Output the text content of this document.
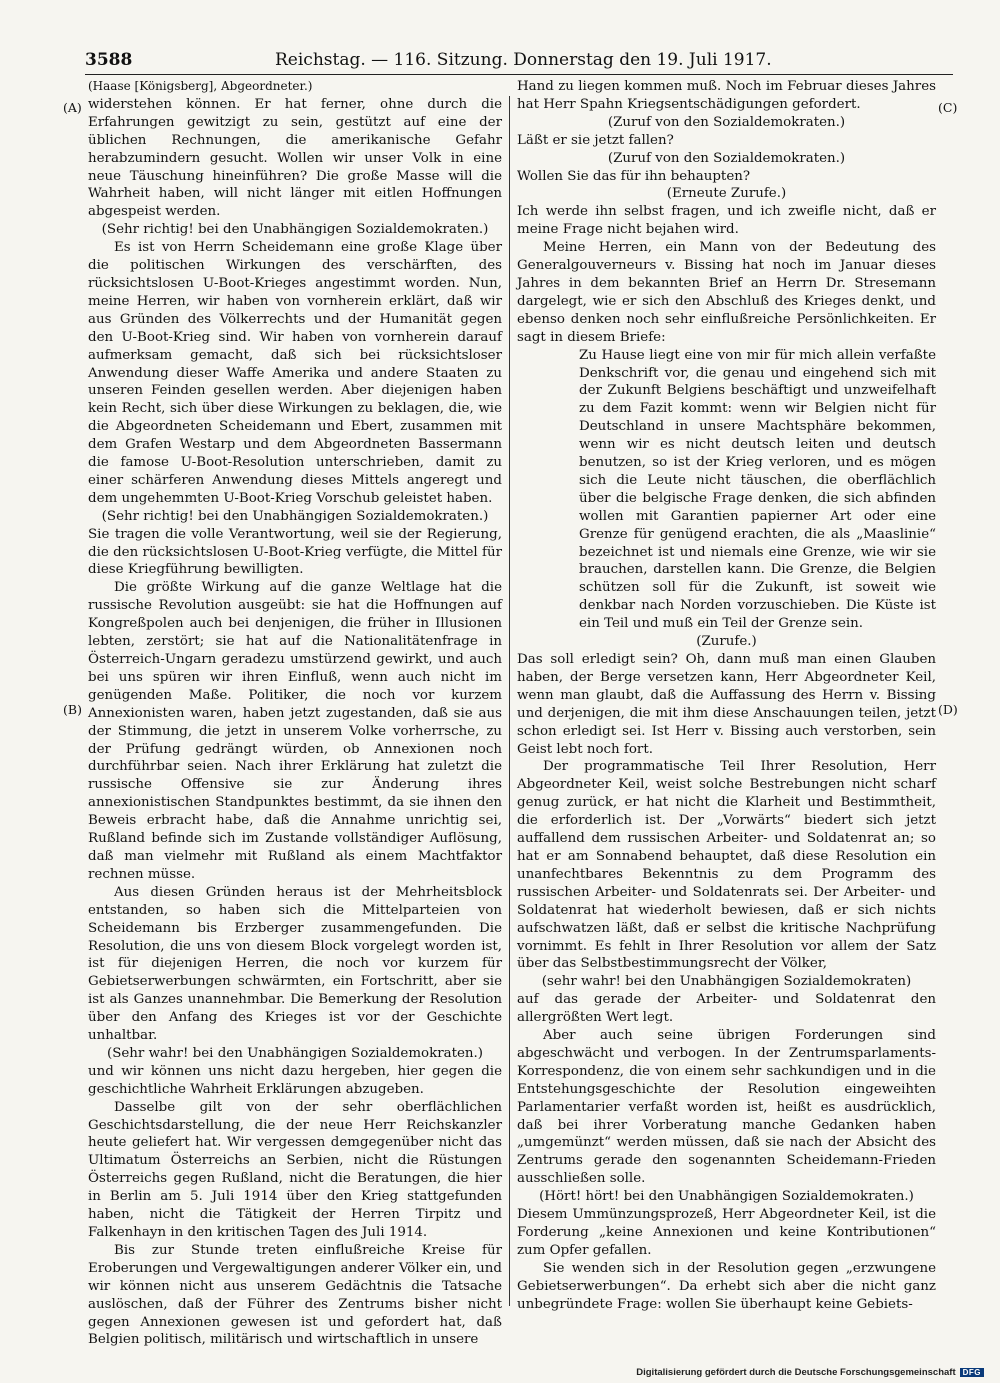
3588	Reichstag. — 116. Sitzung. Donnerstag den 19. Juli 1917.
(A)
(B)
(C)
(D)

(Haase [Königsberg], Abgeordneter.)

widerstehen können. Er hat ferner, ohne durch die Erfahrungen gewitzigt zu sein, gestützt auf eine der üblichen Rechnungen, die amerikanische Gefahr herabzumindern gesucht. Wollen wir unser Volk in eine neue Täuschung hineinführen? Die große Masse will die Wahrheit haben, will nicht länger mit eitlen Hoffnungen abgespeist werden.

(Sehr richtig! bei den Unabhängigen Sozialdemokraten.)

Es ist von Herrn Scheidemann eine große Klage über die politischen Wirkungen des verschärften, des rücksichtslosen U-Boot-Krieges angestimmt worden. Nun, meine Herren, wir haben von vornherein erklärt, daß wir aus Gründen des Völkerrechts und der Humanität gegen den U-Boot-Krieg sind. Wir haben von vornherein darauf aufmerksam gemacht, daß sich bei rücksichtsloser Anwendung dieser Waffe Amerika und andere Staaten zu unseren Feinden gesellen werden. Aber diejenigen haben kein Recht, sich über diese Wirkungen zu beklagen, die, wie die Abgeordneten Scheidemann und Ebert, zusammen mit dem Grafen Westarp und dem Abgeordneten Bassermann die famose U-Boot-Resolution unterschrieben, damit zu einer schärferen Anwendung dieses Mittels angeregt und dem ungehemmten U-Boot-Krieg Vorschub geleistet haben.

(Sehr richtig! bei den Unabhängigen Sozialdemokraten.)

Sie tragen die volle Verantwortung, weil sie der Regierung, die den rücksichtslosen U-Boot-Krieg verfügte, die Mittel für diese Kriegführung bewilligten.

Die größte Wirkung auf die ganze Weltlage hat die russische Revolution ausgeübt: sie hat die Hoffnungen auf Kongreßpolen auch bei denjenigen, die früher in Illusionen lebten, zerstört; sie hat auf die Nationalitätenfrage in Österreich-Ungarn geradezu umstürzend gewirkt, und auch bei uns spüren wir ihren Einfluß, wenn auch nicht im genügenden Maße. Politiker, die noch vor kurzem Annexionisten waren, haben jetzt zugestanden, daß sie aus der Stimmung, die jetzt in unserem Volke vorherrsche, zu der Prüfung gedrängt würden, ob Annexionen noch durchführbar seien. Nach ihrer Erklärung hat zuletzt die russische Offensive sie zur Änderung ihres annexionistischen Standpunktes bestimmt, da sie ihnen den Beweis erbracht habe, daß die Annahme unrichtig sei, Rußland befinde sich im Zustande vollständiger Auflösung, daß man vielmehr mit Rußland als einem Machtfaktor rechnen müsse.

Aus diesen Gründen heraus ist der Mehrheitsblock entstanden, so haben sich die Mittelparteien von Scheidemann bis Erzberger zusammengefunden. Die Resolution, die uns von diesem Block vorgelegt worden ist, ist für diejenigen Herren, die noch vor kurzem für Gebietserwerbungen schwärmten, ein Fortschritt, aber sie ist als Ganzes unannehmbar. Die Bemerkung der Resolution über den Anfang des Krieges ist vor der Geschichte unhaltbar.

(Sehr wahr! bei den Unabhängigen Sozialdemokraten.)

und wir können uns nicht dazu hergeben, hier gegen die geschichtliche Wahrheit Erklärungen abzugeben.

Dasselbe gilt von der sehr oberflächlichen Geschichtsdarstellung, die der neue Herr Reichskanzler heute geliefert hat. Wir vergessen demgegenüber nicht das Ultimatum Österreichs an Serbien, nicht die Rüstungen Österreichs gegen Rußland, nicht die Beratungen, die hier in Berlin am 5. Juli 1914 über den Krieg stattgefunden haben, nicht die Tätigkeit der Herren Tirpitz und Falkenhayn in den kritischen Tagen des Juli 1914.

Bis zur Stunde treten einflußreiche Kreise für Eroberungen und Vergewaltigungen anderer Völker ein, und wir können nicht aus unserem Gedächtnis die Tatsache auslöschen, daß der Führer des Zentrums bisher nicht gegen Annexionen gewesen ist und gefordert hat, daß Belgien politisch, militärisch und wirtschaftlich in unsere

Hand zu liegen kommen muß. Noch im Februar dieses Jahres hat Herr Spahn Kriegsentschädigungen gefordert.

(Zuruf von den Sozialdemokraten.)

Läßt er sie jetzt fallen?

(Zuruf von den Sozialdemokraten.)

Wollen Sie das für ihn behaupten?

(Erneute Zurufe.)

Ich werde ihn selbst fragen, und ich zweifle nicht, daß er meine Frage nicht bejahen wird.

Meine Herren, ein Mann von der Bedeutung des Generalgouverneurs v. Bissing hat noch im Januar dieses Jahres in dem bekannten Brief an Herrn Dr. Stresemann dargelegt, wie er sich den Abschluß des Krieges denkt, und ebenso denken noch sehr einflußreiche Persönlichkeiten. Er sagt in diesem Briefe:

Zu Hause liegt eine von mir für mich allein verfaßte Denkschrift vor, die genau und eingehend sich mit der Zukunft Belgiens beschäftigt und unzweifelhaft zu dem Fazit kommt: wenn wir Belgien nicht für Deutschland in unsere Machtsphäre bekommen, wenn wir es nicht deutsch leiten und deutsch benutzen, so ist der Krieg verloren, und es mögen sich die Leute nicht täuschen, die oberflächlich über die belgische Frage denken, die sich abfinden wollen mit Garantien papierner Art oder eine Grenze für genügend erachten, die als „Maaslinie“ bezeichnet ist und niemals eine Grenze, wie wir sie brauchen, darstellen kann. Die Grenze, die Belgien schützen soll für die Zukunft, ist soweit wie denkbar nach Norden vorzuschieben. Die Küste ist ein Teil und muß ein Teil der Grenze sein.

(Zurufe.)

Das soll erledigt sein? Oh, dann muß man einen Glauben haben, der Berge versetzen kann, Herr Abgeordneter Keil, wenn man glaubt, daß die Auffassung des Herrn v. Bissing und derjenigen, die mit ihm diese Anschauungen teilen, jetzt schon erledigt sei. Ist Herr v. Bissing auch verstorben, sein Geist lebt noch fort.

Der programmatische Teil Ihrer Resolution, Herr Abgeordneter Keil, weist solche Bestrebungen nicht scharf genug zurück, er hat nicht die Klarheit und Bestimmtheit, die erforderlich ist. Der „Vorwärts“ biedert sich jetzt auffallend dem russischen Arbeiter- und Soldatenrat an; so hat er am Sonnabend behauptet, daß diese Resolution ein unanfechtbares Bekenntnis zu dem Programm des russischen Arbeiter- und Soldatenrats sei. Der Arbeiter- und Soldatenrat hat wiederholt bewiesen, daß er sich nichts aufschwatzen läßt, daß er selbst die kritische Nachprüfung vornimmt. Es fehlt in Ihrer Resolution vor allem der Satz über das Selbstbestimmungsrecht der Völker,

(sehr wahr! bei den Unabhängigen Sozialdemokraten)

auf das gerade der Arbeiter- und Soldatenrat den allergrößten Wert legt.

Aber auch seine übrigen Forderungen sind abgeschwächt und verbogen. In der Zentrumsparlaments-Korrespondenz, die von einem sehr sachkundigen und in die Entstehungsgeschichte der Resolution eingeweihten Parlamentarier verfaßt worden ist, heißt es ausdrücklich, daß bei ihrer Vorberatung manche Gedanken haben „umgemünzt“ werden müssen, daß sie nach der Absicht des Zentrums gerade den sogenannten Scheidemann-Frieden ausschließen solle.

(Hört! hört! bei den Unabhängigen Sozialdemokraten.)

Diesem Ummünzungsprozeß, Herr Abgeordneter Keil, ist die Forderung „keine Annexionen und keine Kontributionen“ zum Opfer gefallen.

Sie wenden sich in der Resolution gegen „erzwungene Gebietserwerbungen“. Da erhebt sich aber die nicht ganz unbegründete Frage: wollen Sie überhaupt keine Gebiets-

Digitalisierung gefördert durch die Deutsche Forschungsgemeinschaft DFG
